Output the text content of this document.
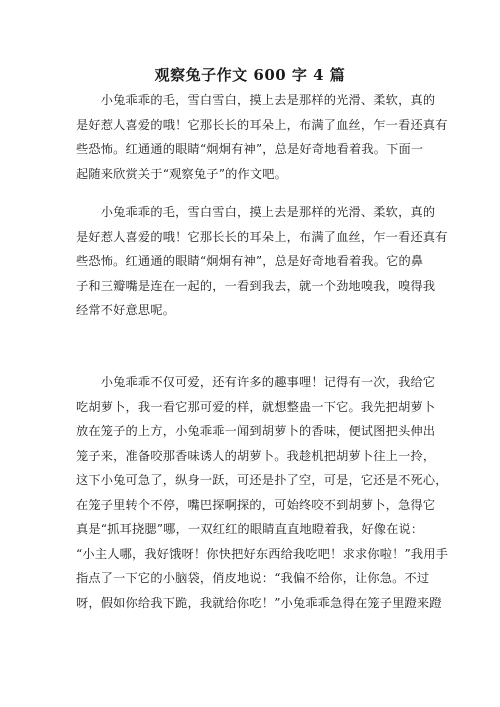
观察兔子作文 600 字 4 篇
　　小兔乖乖的毛，雪白雪白，摸上去是那样的光滑、柔软，真的
是好惹人喜爱的哦！它那长长的耳朵上，布满了血丝，乍一看还真有
些恐怖。红通通的眼睛“炯炯有神”，总是好奇地看着我。下面一
起随来欣赏关于“观察兔子”的作文吧。
　　小兔乖乖的毛，雪白雪白，摸上去是那样的光滑、柔软，真的
是好惹人喜爱的哦！它那长长的耳朵上，布满了血丝，乍一看还真有
些恐怖。红通通的眼睛“炯炯有神”，总是好奇地看着我。它的鼻
子和三瓣嘴是连在一起的，一看到我去，就一个劲地嗅我，嗅得我
经常不好意思呢。
　　小兔乖乖不仅可爱，还有许多的趣事哩！记得有一次，我给它
吃胡萝卜，我一看它那可爱的样，就想整蛊一下它。我先把胡萝卜
放在笼子的上方，小兔乖乖一闻到胡萝卜的香味，便试图把头伸出
笼子来，准备咬那香味诱人的胡萝卜。我趁机把胡萝卜往上一拎，
这下小兔可急了，纵身一跃，可还是扑了空，可是，它还是不死心，
在笼子里转个不停，嘴巴探啊探的，可始终咬不到胡萝卜，急得它
真是“抓耳挠腮”哪，一双红红的眼睛直直地瞪着我，好像在说：
“小主人哪，我好饿呀！你快把好东西给我吃吧！求求你啦！”我用手
指点了一下它的小脑袋，俏皮地说：“我偏不给你，让你急。不过
呀，假如你给我下跪，我就给你吃！”小兔乖乖急得在笼子里蹬来蹬
